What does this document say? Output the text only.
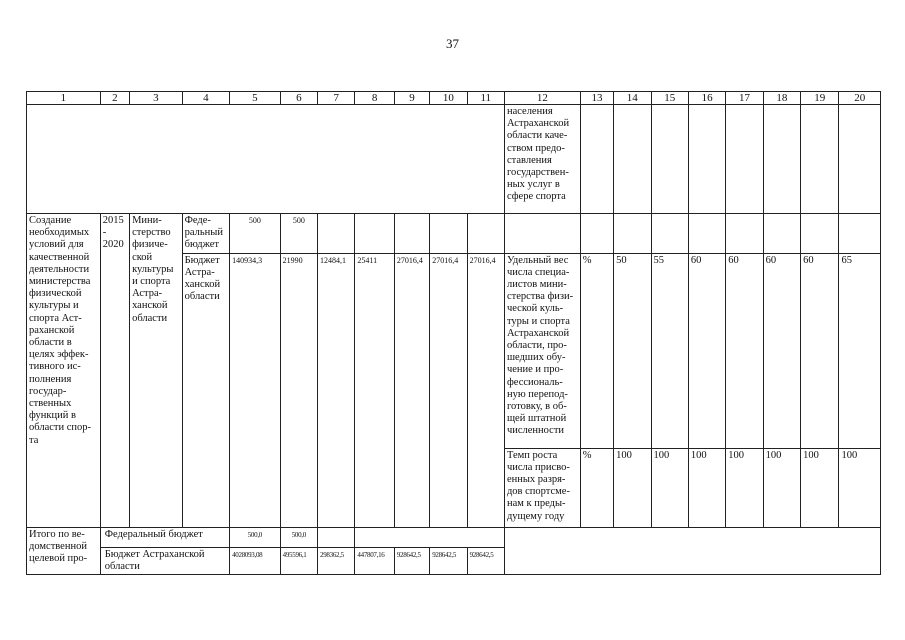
37
1	2	3	4	5	6	7	8	9	10	11	12	13	14	15	16	17	18	19	20
											населения Астраханской области каче-ством предо-ставления государствен-ных услуг в сфере спорта								
Создание необходимых условий для качественной деятельности министерства физической культуры и спорта Аст-раханской области в целях эффек-тивного ис-полнения государ-ственных функций в области спор-та	2015 - 2020	Мини-стерство физиче-ской культуры и спорта Астра-ханской области	Феде-ральный бюджет	500	500														
			Бюджет Астра-ханской области	140934,3	21990	12484,1	25411	27016,4	27016,4	27016,4	Удельный вес числа специа-листов мини-стерства физи-ческой куль-туры и спорта Астраханской области, про-шедших обу-чение и про-фессиональ-ную перепод-готовку, в об-щей штатной численности	%	50	55	60	60	60	60	65
											Темп роста числа присво-енных разря-дов спортсме-нам к преды-дущему году	%	100	100	100	100	100	100	100
Итого по ве-домственной целевой про-	Федеральный бюджет			500,0	500,0														
	Бюджет Астраханской области			4028093,08	495596,1	298362,5	447807,16	928642,5	928642,5	928642,5									
